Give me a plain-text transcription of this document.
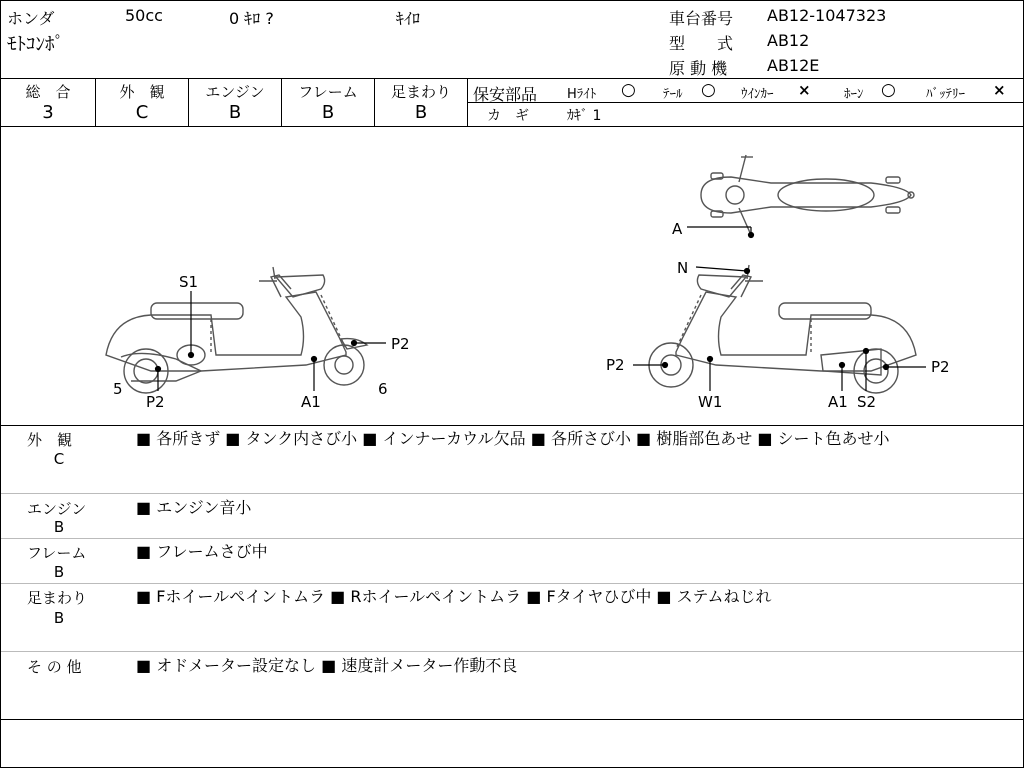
ホンダ	50cc	0 ｷﾛ ?	ｷｲﾛ
ﾓﾄｺﾝﾎﾟ
車台番号 AB12-1047323
型　　式 AB12
原 動 機 AB12E
総　合
3
外　観
C
エンジン
B
フレーム
B
足まわり
B
保安部品 Hﾗｲﾄ ○ ﾃｰﾙ ○ ｳｲﾝｶｰ ×	ﾎｰﾝ ○ ﾊﾞｯﾃﾘｰ ×
カ　ギ	ｶｷﾞ 1
S1
5
P2	A1
6
P2
A
N
P2
W1	A1 S2
P2
外　観
C
■ 各所きず ■ タンク内さび小 ■ インナーカウル欠品 ■ 各所さび小 ■ 樹脂部色あせ ■ シート色あせ小
エンジン
B
■ エンジン音小
フレーム
B
■ フレームさび中
足まわり
B
■ Fホイールペイントムラ ■ Rホイールペイントムラ ■ Fタイヤひび中 ■ ステムねじれ
そ の 他	■ オドメーター設定なし ■ 速度計メーター作動不良
